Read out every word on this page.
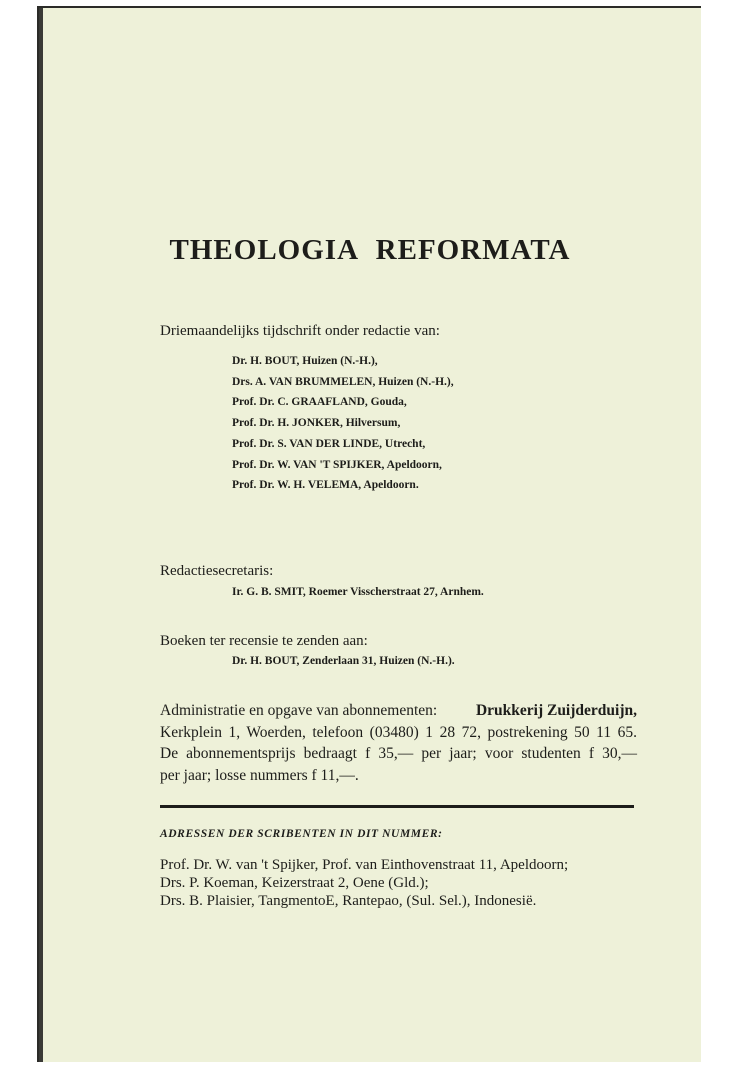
THEOLOGIA REFORMATA
Driemaandelijks tijdschrift onder redactie van:
Dr. H. BOUT, Huizen (N.-H.),
Drs. A. VAN BRUMMELEN, Huizen (N.-H.),
Prof. Dr. C. GRAAFLAND, Gouda,
Prof. Dr. H. JONKER, Hilversum,
Prof. Dr. S. VAN DER LINDE, Utrecht,
Prof. Dr. W. VAN 'T SPIJKER, Apeldoorn,
Prof. Dr. W. H. VELEMA, Apeldoorn.
Redactiesecretaris:
Ir. G. B. SMIT, Roemer Visscherstraat 27, Arnhem.
Boeken ter recensie te zenden aan:
Dr. H. BOUT, Zenderlaan 31, Huizen (N.-H.).
Administratie en opgave van abonnementen: Drukkerij Zuijderduijn,
Kerkplein 1, Woerden, telefoon (03480) 1 28 72, postrekening 50 11 65.
De abonnementsprijs bedraagt f 35,— per jaar; voor studenten f 30,—
per jaar; losse nummers f 11,—.
ADRESSEN DER SCRIBENTEN IN DIT NUMMER:
Prof. Dr. W. van 't Spijker, Prof. van Einthovenstraat 11, Apeldoorn;
Drs. P. Koeman, Keizerstraat 2, Oene (Gld.);
Drs. B. Plaisier, TangmentoE, Rantepao, (Sul. Sel.), Indonesië.
